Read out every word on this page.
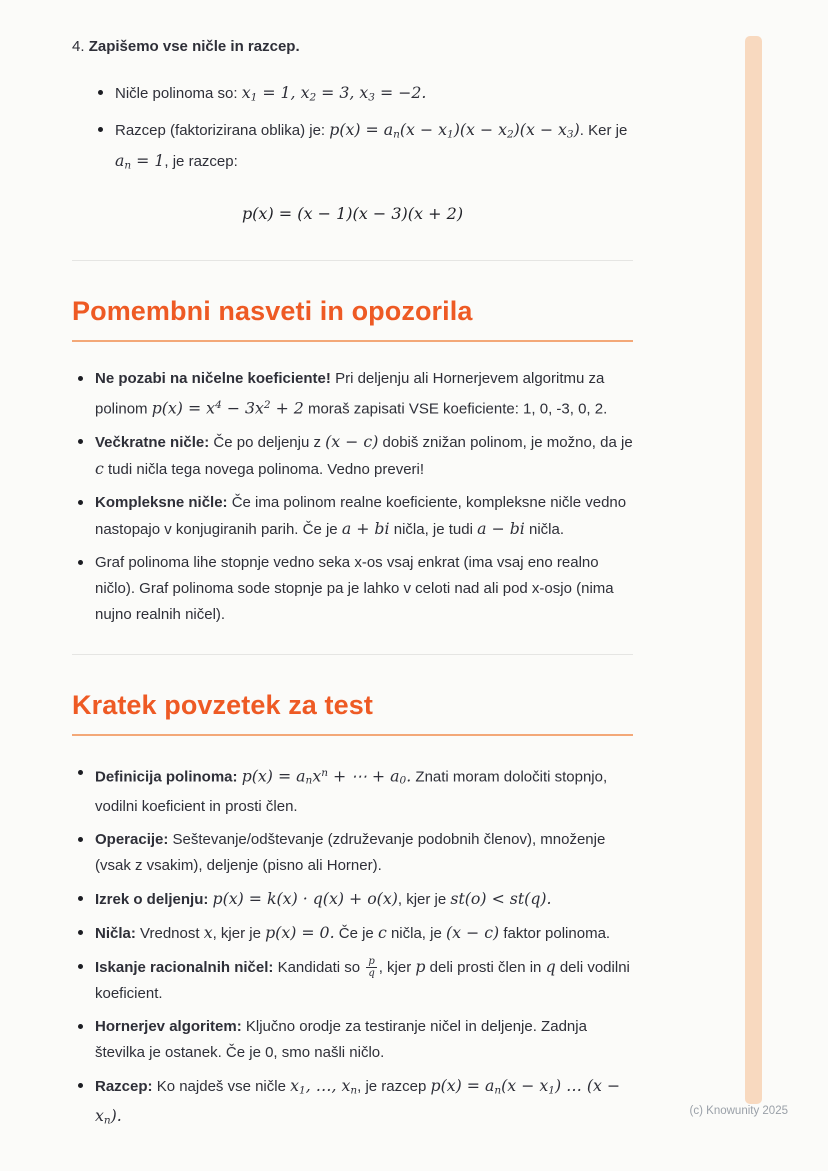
4. Zapišemo vse ničle in razcep.

Ničle polinoma so: x1 = 1, x2 = 3, x3 = −2.
Razcep (faktorizirana oblika) je: p(x) = an(x − x1)(x − x2)(x − x3). Ker je an = 1, je razcep:

p(x) = (x − 1)(x − 3)(x + 2)

Pomembni nasveti in opozorila
Ne pozabi na ničelne koeficiente! Pri deljenju ali Hornerjevem algoritmu za polinom $p(x) = x^4 - 3x^2 + 2$ moraš zapisati VSE koeficiente: 1, 0, -3, 0, 2.
Večkratne ničle: Če po deljenju z (x − c) dobiš znižan polinom, je možno, da je c tudi ničla tega novega polinoma. Vedno preveri!
Kompleksne ničle: Če ima polinom realne koeficiente, kompleksne ničle vedno nastopajo v konjugiranih parih. Če je a + bi ničla, je tudi a − bi ničla.
Graf polinoma lihe stopnje vedno seka x-os vsaj enkrat (ima vsaj eno realno ničlo). Graf polinoma sode stopnje pa je lahko v celoti nad ali pod x-osjo (nima nujno realnih ničel).
Kratek povzetek za test
Definicija polinoma: p(x) = anx$^n$ + ⋯ + a0. Znati moram določiti stopnjo, vodilni koeficient in prosti člen.
Operacije: Seštevanje/odštevanje (združevanje podobnih členov), množenje (vsak z vsakim), deljenje (pisno ali Horner).
Izrek o deljenju: p(x) = k(x) · q(x) + o(x), kjer je st(o) < st(q).
Ničla: Vrednost x, kjer je p(x) = 0. Če je c ničla, je (x − c) faktor polinoma.
Iskanje racionalnih ničel: Kandidati so $\frac{p}{q}$ , kjer p deli prosti člen in q deli vodilni koeficient.
Hornerjev algoritem: Ključno orodje za testiranje ničel in deljenje. Zadnja številka je ostanek. Če je 0, smo našli ničlo.
Razcep: Ko najdeš vse ničle x1, …, xn, je razcep p(x) = an(x − x1) … (x − xn).	(c) Knowunity 2025
